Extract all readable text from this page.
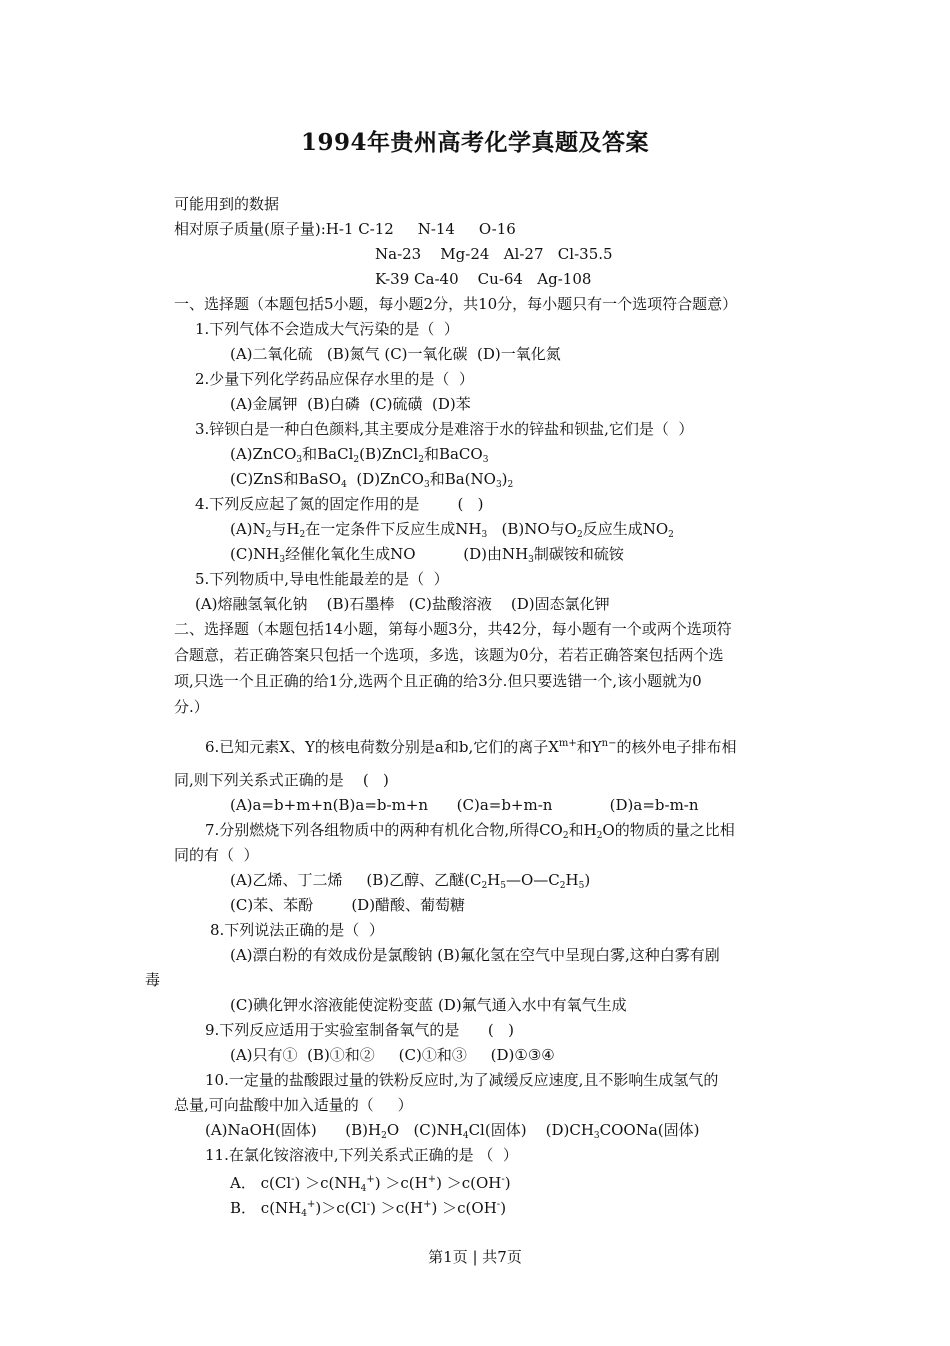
1994年贵州高考化学真题及答案
可能用到的数据
相对原子质量(原子量):H-1 C-12     N-14     O-16
Na-23    Mg-24   Al-27   Cl-35.5
K-39 Ca-40    Cu-64   Ag-108
一、选择题（本题包括5小题，每小题2分，共10分，每小题只有一个选项符合题意）
1.下列气体不会造成大气污染的是（  ）
(A)二氧化硫   (B)氮气 (C)一氧化碳  (D)一氧化氮
2.少量下列化学药品应保存水里的是（  ）
(A)金属钾  (B)白磷  (C)硫磺  (D)苯
3.锌钡白是一种白色颜料,其主要成分是难溶于水的锌盐和钡盐,它们是（  ）
(A)ZnCO$_3$和BaCl$_2$(B)ZnCl$_2$和BaCO$_3$
(C)ZnS和BaSO$_4$  (D)ZnCO$_3$和$Ba(NO_3)_2$
4.下列反应起了氮的固定作用的是        (   )
$(A)N_2$与$H_2$在一定条件下反应生成$NH_3$   (B)NO与$O_2$反应生成$NO_2$
$(C)NH_3$经催化氧化生成NO          (D)由$NH_3$制碳铵和硫铵
5.下列物质中,导电性能最差的是（  ）
(A)熔融氢氧化钠    (B)石墨棒   (C)盐酸溶液    (D)固态氯化钾
二、选择题（本题包括14小题，第每小题3分，共42分，每小题有一个或两个选项符
合题意，若正确答案只包括一个选项，多选，该题为0分，若若正确答案包括两个选
项,只选一个且正确的给1分,选两个且正确的给3分.但只要选错一个,该小题就为0
分.）
6.已知元素X、Y的核电荷数分别是a和b,它们的离子$X^{m+}$和$Y^{n-}$的核外电子排布相
同,则下列关系式正确的是    (   )
(A)a=b+m+n(B)a=b-m+n      (C)a=b+m-n            (D)a=b-m-n
7.分别燃烧下列各组物质中的两种有机化合物,所得$CO_2$和$H_2O$的物质的量之比相
同的有（  ）
(A)乙烯、丁二烯     (B)乙醇、乙醚$(C_2H_5—O—C_2H_5)$
(C)苯、苯酚        (D)醋酸、葡萄糖
8.下列说法正确的是（  ）
(A)漂白粉的有效成份是氯酸钠 (B)氟化氢在空气中呈现白雾,这种白雾有剧
毒
(C)碘化钾水溶液能使淀粉变蓝 (D)氟气通入水中有氧气生成
9.下列反应适用于实验室制备氧气的是      (   )
(A)只有①  (B)①和②     (C)①和③     (D)①③④
10.一定量的盐酸跟过量的铁粉反应时,为了减缓反应速度,且不影响生成氢气的
总量,可向盐酸中加入适量的（     ）
(A)NaOH(固体)      $(B)H_2O$   $(C)NH_4Cl$(固体)    $(D)CH_3COONa$(固体)
11.在氯化铵溶液中,下列关系式正确的是 （  ）
A． $c(Cl^-) >c(NH_4^+) >c(H^+) >c(OH^-)$
B． $c(NH_4^+)>c(Cl^-) >c(H^+) >c(OH^-)$
第1页 | 共7页
